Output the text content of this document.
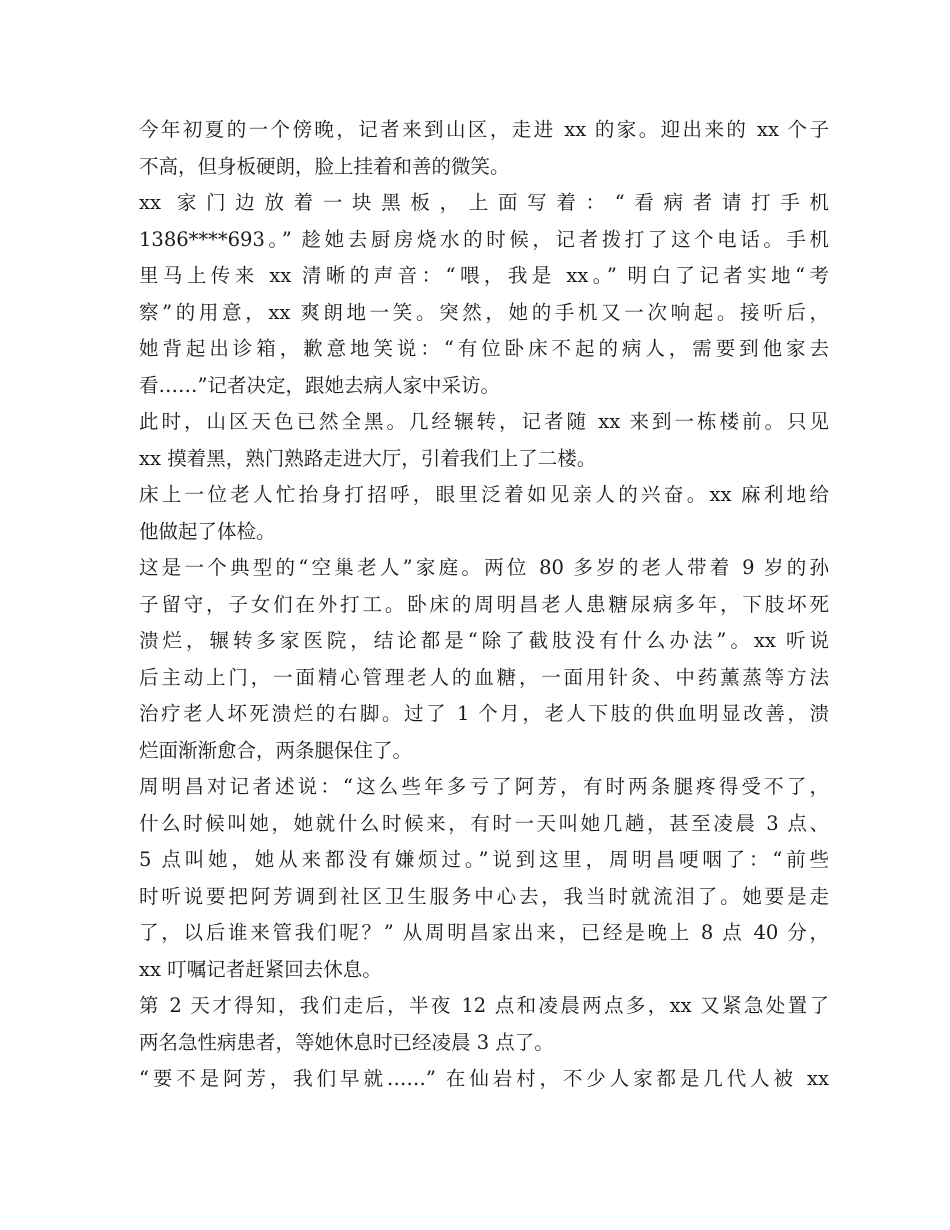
今年初夏的一个傍晚，记者来到山区，走进 xx 的家。迎出来的 xx 个子
不高，但身板硬朗，脸上挂着和善的微笑。
xx 家门边放着一块黑板，上面写着：“看病者请打手机
1386****693。” 趁她去厨房烧水的时候，记者拨打了这个电话。手机
里马上传来 xx 清晰的声音：“喂，我是 xx。” 明白了记者实地“考
察”的用意，xx 爽朗地一笑。突然，她的手机又一次响起。接听后，
她背起出诊箱，歉意地笑说：“有位卧床不起的病人，需要到他家去
看……”记者决定，跟她去病人家中采访。
此时，山区天色已然全黑。几经辗转，记者随 xx 来到一栋楼前。只见
xx 摸着黑，熟门熟路走进大厅，引着我们上了二楼。
床上一位老人忙抬身打招呼，眼里泛着如见亲人的兴奋。xx 麻利地给
他做起了体检。
这是一个典型的“空巢老人”家庭。两位 80 多岁的老人带着 9 岁的孙
子留守，子女们在外打工。卧床的周明昌老人患糖尿病多年，下肢坏死
溃烂，辗转多家医院，结论都是“除了截肢没有什么办法”。xx 听说
后主动上门，一面精心管理老人的血糖，一面用针灸、中药薰蒸等方法
治疗老人坏死溃烂的右脚。过了 1 个月，老人下肢的供血明显改善，溃
烂面渐渐愈合，两条腿保住了。
周明昌对记者述说：“这么些年多亏了阿芳，有时两条腿疼得受不了，
什么时候叫她，她就什么时候来，有时一天叫她几趟，甚至凌晨 3 点、
5 点叫她，她从来都没有嫌烦过。”说到这里，周明昌哽咽了：“前些
时听说要把阿芳调到社区卫生服务中心去，我当时就流泪了。她要是走
了，以后谁来管我们呢？” 从周明昌家出来，已经是晚上 8 点 40 分，
xx 叮嘱记者赶紧回去休息。
第 2 天才得知，我们走后，半夜 12 点和凌晨两点多，xx 又紧急处置了
两名急性病患者，等她休息时已经凌晨 3 点了。
“要不是阿芳，我们早就……” 在仙岩村，不少人家都是几代人被 xx
